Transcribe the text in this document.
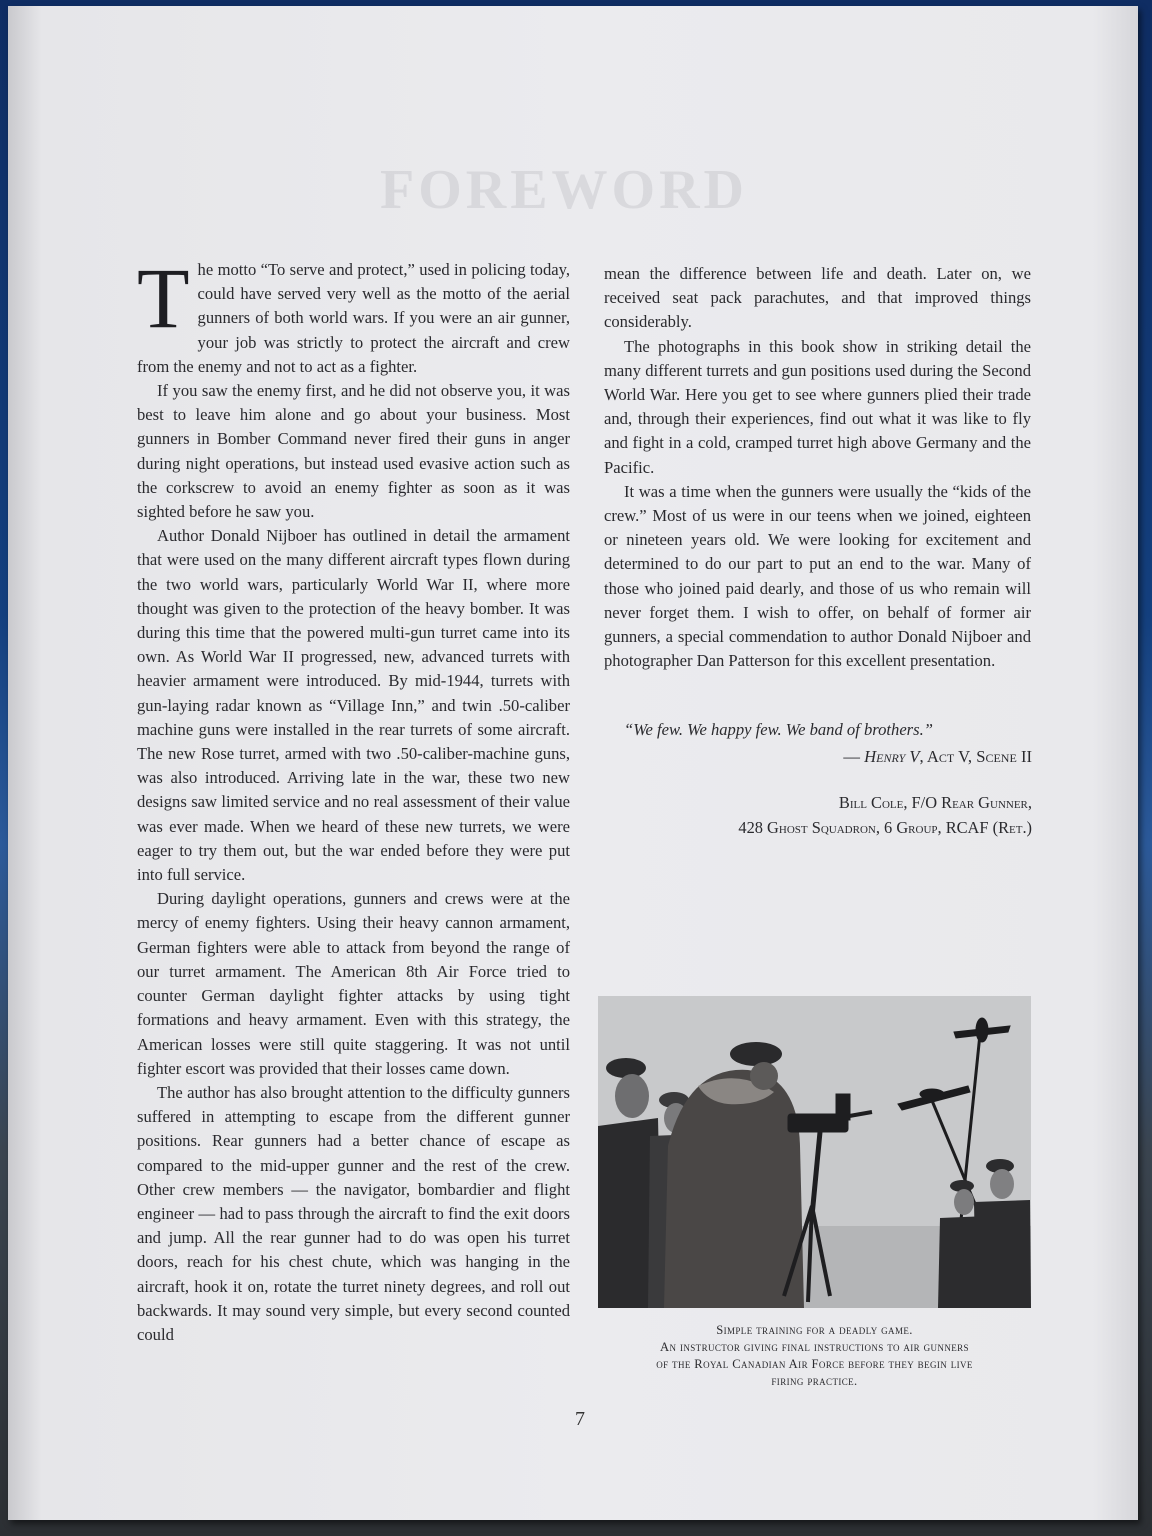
FOREWORD

The motto “To serve and protect,” used in policing today, could have served very well as the motto of the aerial gunners of both world wars. If you were an air gunner, your job was strictly to protect the aircraft and crew from the enemy and not to act as a fighter.

If you saw the enemy first, and he did not observe you, it was best to leave him alone and go about your business. Most gunners in Bomber Command never fired their guns in anger during night operations, but instead used evasive action such as the corkscrew to avoid an enemy fighter as soon as it was sighted before he saw you.

Author Donald Nijboer has outlined in detail the armament that were used on the many different aircraft types flown during the two world wars, particularly World War II, where more thought was given to the protection of the heavy bomber. It was during this time that the powered multi-gun turret came into its own. As World War II progressed, new, advanced turrets with heavier armament were introduced. By mid-1944, turrets with gun-laying radar known as “Village Inn,” and twin .50-caliber machine guns were installed in the rear turrets of some aircraft. The new Rose turret, armed with two .50-caliber-machine guns, was also introduced. Arriving late in the war, these two new designs saw limited service and no real assessment of their value was ever made. When we heard of these new turrets, we were eager to try them out, but the war ended before they were put into full service.

During daylight operations, gunners and crews were at the mercy of enemy fighters. Using their heavy cannon armament, German fighters were able to attack from beyond the range of our turret armament. The American 8th Air Force tried to counter German daylight fighter attacks by using tight formations and heavy armament. Even with this strategy, the American losses were still quite staggering. It was not until fighter escort was provided that their losses came down.

The author has also brought attention to the difficulty gunners suffered in attempting to escape from the different gunner positions. Rear gunners had a better chance of escape as compared to the mid-upper gunner and the rest of the crew. Other crew members — the navigator, bombardier and flight engineer — had to pass through the aircraft to find the exit doors and jump. All the rear gunner had to do was open his turret doors, reach for his chest chute, which was hanging in the aircraft, hook it on, rotate the turret ninety degrees, and roll out backwards. It may sound very simple, but every second counted could

mean the difference between life and death. Later on, we received seat pack parachutes, and that improved things considerably.

The photographs in this book show in striking detail the many different turrets and gun positions used during the Second World War. Here you get to see where gunners plied their trade and, through their experiences, find out what it was like to fly and fight in a cold, cramped turret high above Germany and the Pacific.

It was a time when the gunners were usually the “kids of the crew.” Most of us were in our teens when we joined, eighteen or nineteen years old. We were looking for excitement and determined to do our part to put an end to the war. Many of those who joined paid dearly, and those of us who remain will never forget them. I wish to offer, on behalf of former air gunners, a special commendation to author Donald Nijboer and photographer Dan Patterson for this excellent presentation.

“We few. We happy few. We band of brothers.”
— Henry V, Act V, Scene II
Bill Cole, F/O Rear Gunner,
428 Ghost Squadron, 6 Group, RCAF (Ret.)
Simple training for a deadly game.
An instructor giving final instructions to air gunners
of the Royal Canadian Air Force before they begin live
firing practice.
7
